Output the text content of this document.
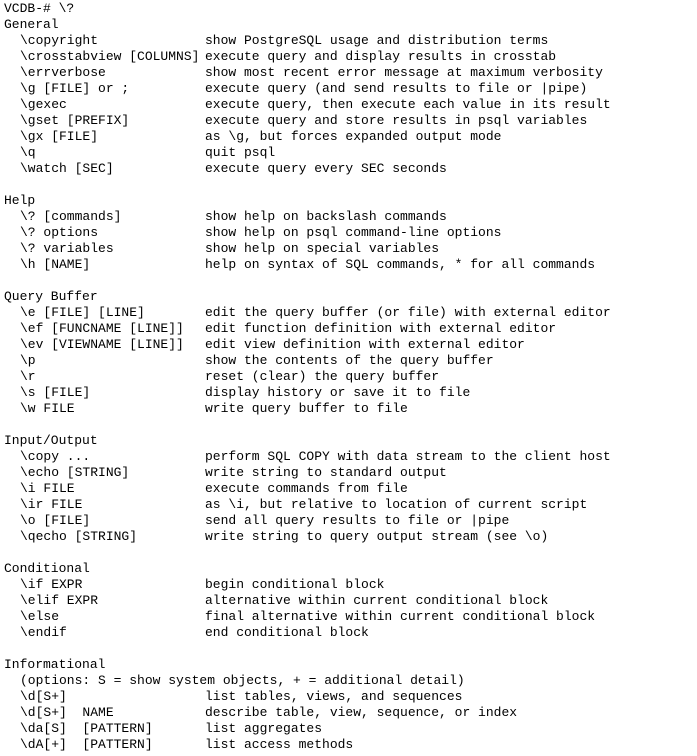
VCDB-# \?
General
\copyright	show PostgreSQL usage and distribution terms
\crosstabview [COLUMNS] execute query and display results in crosstab
\errverbose	show most recent error message at maximum verbosity
\g [FILE] or ;	execute query (and send results to file or |pipe)
\gexec	execute query, then execute each value in its result
\gset [PREFIX]	execute query and store results in psql variables
\gx [FILE]	as \g, but forces expanded output mode
\q	quit psql
\watch [SEC]	execute query every SEC seconds
Help
\? [commands]	show help on backslash commands
\? options	show help on psql command-line options
\? variables	show help on special variables
\h [NAME]	help on syntax of SQL commands, * for all commands
Query Buffer
\e [FILE] [LINE]	edit the query buffer (or file) with external editor
\ef [FUNCNAME [LINE]] edit function definition with external editor
\ev [VIEWNAME [LINE]] edit view definition with external editor
\p	show the contents of the query buffer
\r	reset (clear) the query buffer
\s [FILE]	display history or save it to file
\w FILE	write query buffer to file
Input/Output
\copy ...	perform SQL COPY with data stream to the client host
\echo [STRING]	write string to standard output
\i FILE	execute commands from file
\ir FILE	as \i, but relative to location of current script
\o [FILE]	send all query results to file or |pipe
\qecho [STRING]	write string to query output stream (see \o)
Conditional
\if EXPR	begin conditional block
\elif EXPR	alternative within current conditional block
\else	final alternative within current conditional block
\endif	end conditional block
Informational
(options: S = show system objects, + = additional detail)
\d[S+]	list tables, views, and sequences
\d[S+]  NAME	describe table, view, sequence, or index
\da[S]  [PATTERN]	list aggregates
\dA[+]  [PATTERN]	list access methods
